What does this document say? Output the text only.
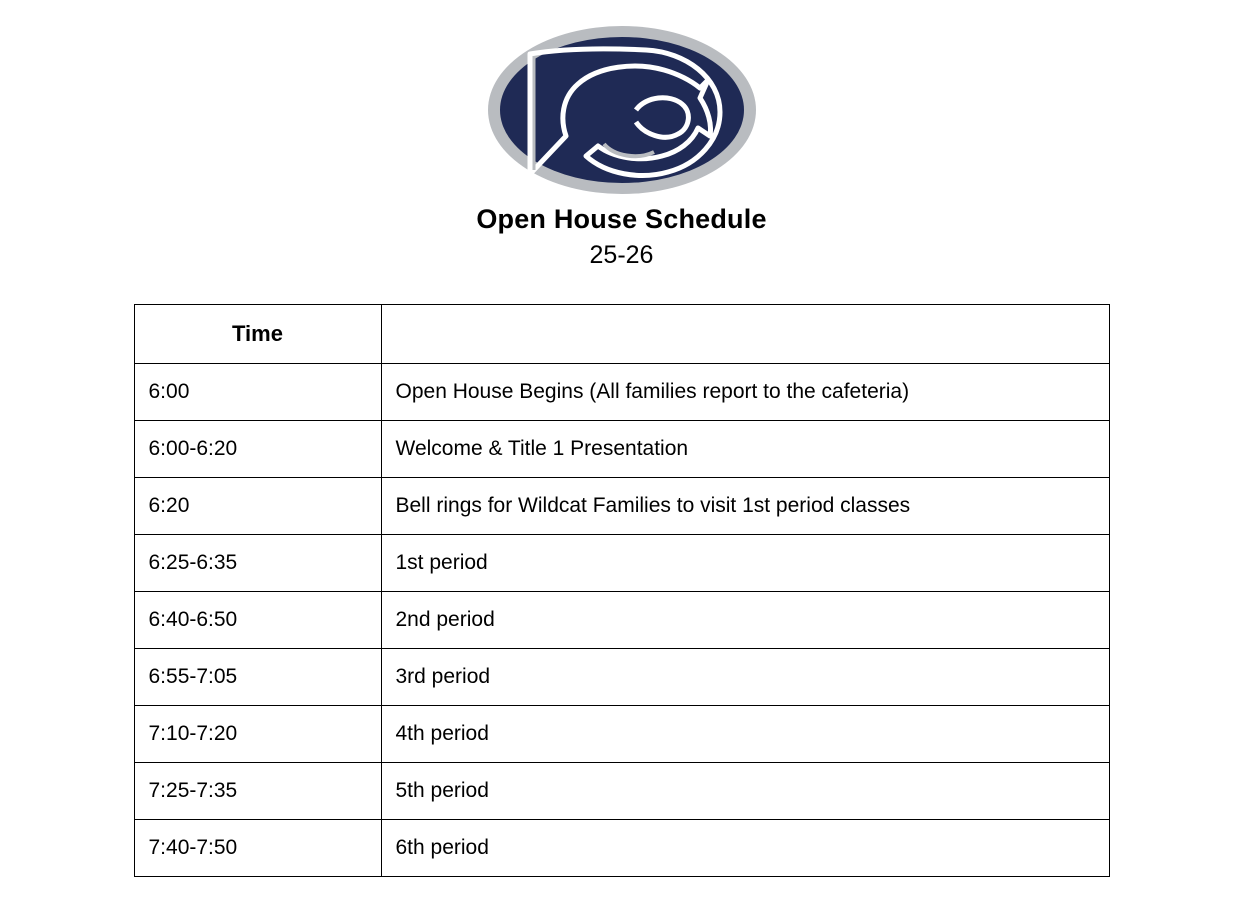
Open House Schedule
25-26
Time	
6:00	Open House Begins (All families report to the cafeteria)
6:00-6:20	Welcome & Title 1 Presentation
6:20	Bell rings for Wildcat Families to visit 1st period classes
6:25-6:35	1st period
6:40-6:50	2nd period
6:55-7:05	3rd period
7:10-7:20	4th period
7:25-7:35	5th period
7:40-7:50	6th period
